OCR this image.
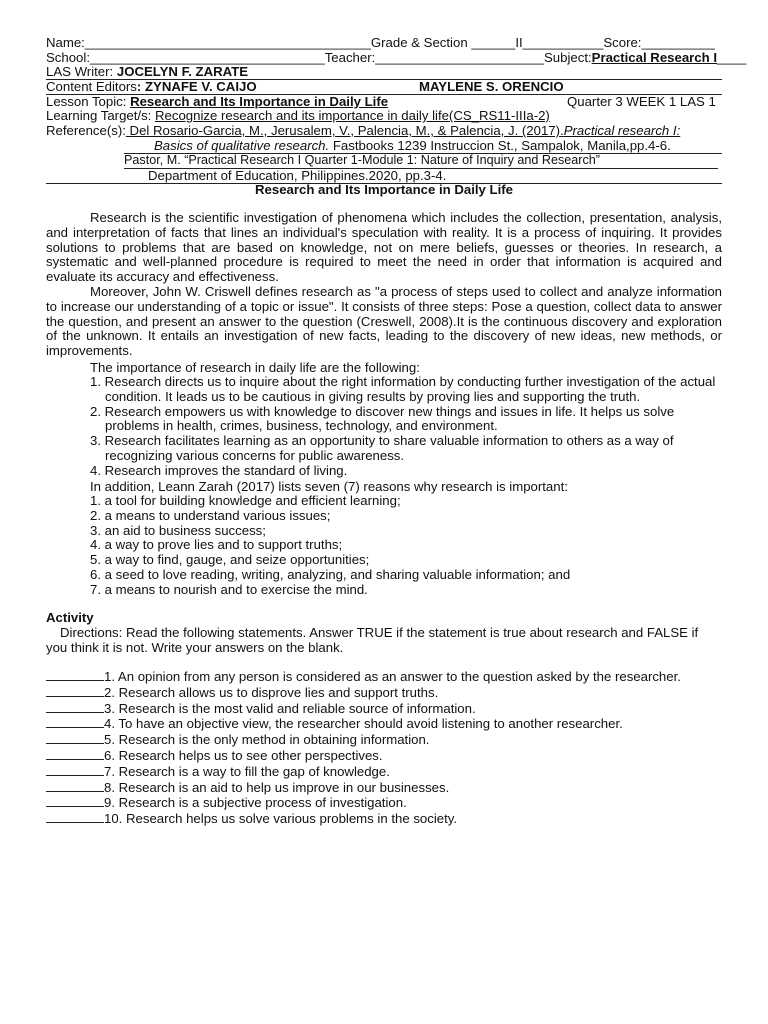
Name:_______________________________________Grade & Section ______II___________Score:__________
School:________________________________Teacher:_______________________Subject:Practical Research I____
LAS Writer: JOCELYN F. ZARATE
Content Editors: ZYNAFE V. CAIJO	MAYLENE S. ORENCIO
Lesson Topic: Research and Its Importance in Daily Life	Quarter 3 WEEK 1 LAS 1
Learning Target/s: Recognize research and its importance in daily life(CS_RS11-IIIa-2)
Reference(s): Del Rosario-Garcia, M., Jerusalem, V., Palencia, M., & Palencia, J. (2017).Practical research I:
Basics of qualitative research. Fastbooks 1239 Instruccion St., Sampalok, Manila,pp.4-6.
Pastor, M. “Practical Research I Quarter 1-Module 1: Nature of Inquiry and Research”
Department of Education, Philippines.2020, pp.3-4.
Research and Its Importance in Daily Life
Research is the scientific investigation of phenomena which includes the collection, presentation, analysis, and interpretation of facts that lines an individual's speculation with reality. It is a process of inquiring. It provides solutions to problems that are based on knowledge, not on mere beliefs, guesses or theories. In research, a systematic and well-planned procedure is required to meet the need in order that information is acquired and evaluate its accuracy and effectiveness.
Moreover, John W. Criswell defines research as "a process of steps used to collect and analyze information to increase our understanding of a topic or issue". It consists of three steps: Pose a question, collect data to answer the question, and present an answer to the question (Creswell, 2008).It is the continuous discovery and exploration of the unknown. It entails an investigation of new facts, leading to the discovery of new ideas, new methods, or improvements.
The importance of research in daily life are the following:
1. Research directs us to inquire about the right information by conducting further investigation of the actual condition. It leads us to be cautious in giving results by proving lies and supporting the truth.
2. Research empowers us with knowledge to discover new things and issues in life. It helps us solve problems in health, crimes, business, technology, and environment.
3. Research facilitates learning as an opportunity to share valuable information to others as a way of recognizing various concerns for public awareness.
4. Research improves the standard of living.
In addition, Leann Zarah (2017) lists seven (7) reasons why research is important:
1. a tool for building knowledge and efficient learning;
2. a means to understand various issues;
3. an aid to business success;
4. a way to prove lies and to support truths;
5. a way to find, gauge, and seize opportunities;
6. a seed to love reading, writing, analyzing, and sharing valuable information; and
7. a means to nourish and to exercise the mind.
Activity
Directions: Read the following statements. Answer TRUE if the statement is true about research and FALSE if you think it is not. Write your answers on the blank.
1. An opinion from any person is considered as an answer to the question asked by the researcher.
2. Research allows us to disprove lies and support truths.
3. Research is the most valid and reliable source of information.
4. To have an objective view, the researcher should avoid listening to another researcher.
5. Research is the only method in obtaining information.
6. Research helps us to see other perspectives.
7. Research is a way to fill the gap of knowledge.
8. Research is an aid to help us improve in our businesses.
9. Research is a subjective process of investigation.
10. Research helps us solve various problems in the society.
